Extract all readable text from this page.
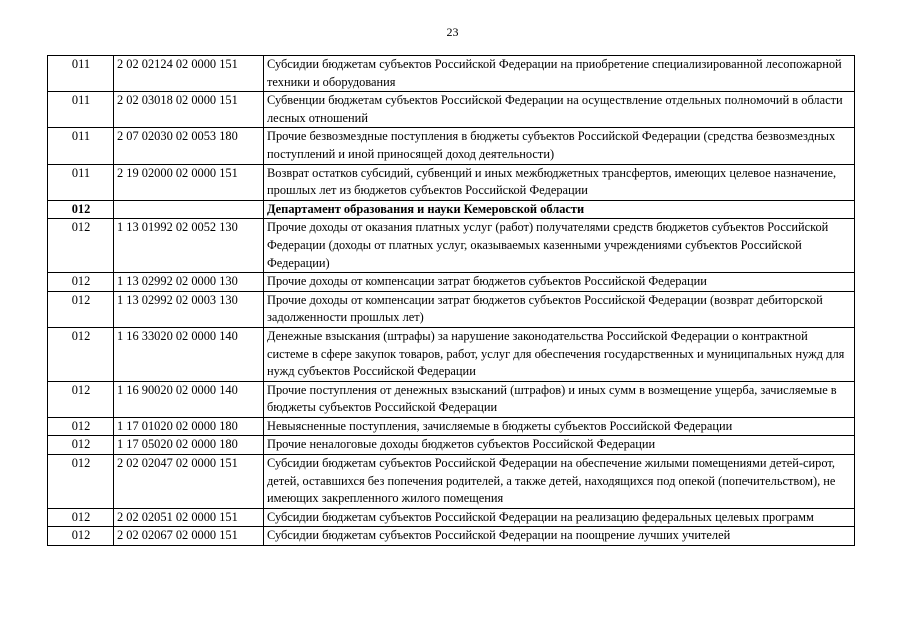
23
011	2 02 02124 02 0000 151	Субсидии бюджетам субъектов Российской Федерации на приобретение специализированной лесопожарной техники и оборудования
011	2 02 03018 02 0000 151	Субвенции бюджетам субъектов Российской Федерации на осуществление отдельных полномочий в области лесных отношений
011	2 07 02030 02 0053 180	Прочие безвозмездные поступления в бюджеты субъектов Российской Федерации (средства безвозмездных поступлений и иной приносящей доход деятельности)
011	2 19 02000 02 0000 151	Возврат остатков субсидий, субвенций и иных межбюджетных трансфертов, имеющих целевое назначение, прошлых лет из бюджетов субъектов Российской Федерации
012		Департамент образования и науки Кемеровской области
012	1 13 01992 02 0052 130	Прочие доходы от оказания платных услуг (работ) получателями средств бюджетов субъектов Российской Федерации (доходы от платных услуг, оказываемых казенными учреждениями субъектов Российской Федерации)
012	1 13 02992 02 0000 130	Прочие доходы от компенсации затрат бюджетов субъектов Российской Федерации
012	1 13 02992 02 0003 130	Прочие доходы от компенсации затрат бюджетов субъектов Российской Федерации (возврат дебиторской задолженности прошлых лет)
012	1 16 33020 02 0000 140	Денежные взыскания (штрафы) за нарушение законодательства Российской Федерации о контрактной системе в сфере закупок товаров, работ, услуг для обеспечения государственных и муниципальных нужд для нужд субъектов Российской Федерации
012	1 16 90020 02 0000 140	Прочие поступления от денежных взысканий (штрафов) и иных сумм в возмещение ущерба, зачисляемые в бюджеты субъектов Российской Федерации
012	1 17 01020 02 0000 180	Невыясненные поступления, зачисляемые в бюджеты субъектов Российской Федерации
012	1 17 05020 02 0000 180	Прочие неналоговые доходы бюджетов субъектов Российской Федерации
012	2 02 02047 02 0000 151	Субсидии бюджетам субъектов Российской Федерации на обеспечение жилыми помещениями детей-сирот, детей, оставшихся без попечения родителей, а также детей, находящихся под опекой (попечительством), не имеющих закрепленного жилого помещения
012	2 02 02051 02 0000 151	Субсидии бюджетам субъектов Российской Федерации на реализацию федеральных целевых программ
012	2 02 02067 02 0000 151	Субсидии бюджетам субъектов Российской Федерации на поощрение лучших учителей
